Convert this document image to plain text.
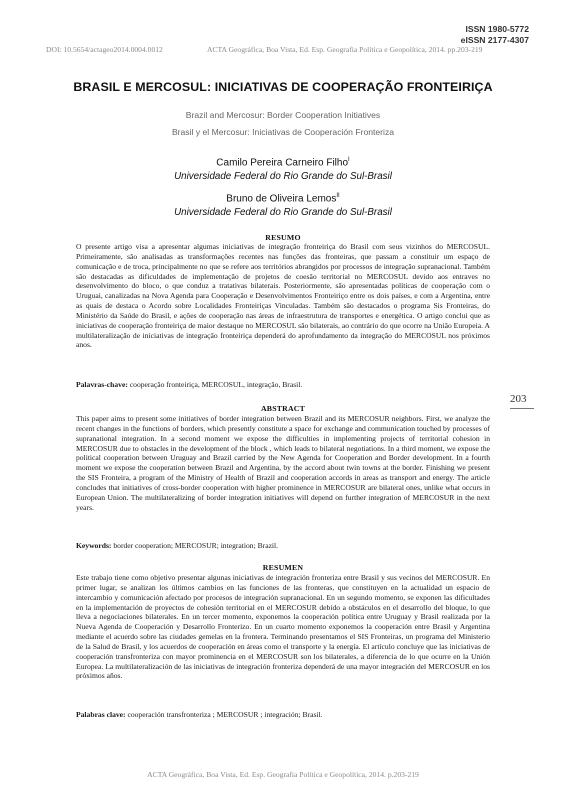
ISSN 1980-5772
eISSN 2177-4307
DOI: 10.5654/actageo2014.0004.0012	ACTA Geográfica, Boa Vista, Ed. Esp. Geografia Política e Geopolítica, 2014. pp.203-219
BRASIL E MERCOSUL: INICIATIVAS DE COOPERAÇÃO FRONTEIRIÇA
Brazil and Mercosur: Border Cooperation Initiatives
Brasil y el Mercosur: Iniciativas de Cooperación Fronteriza
Camilo Pereira Carneiro Filho$^I$
Universidade Federal do Rio Grande do Sul-Brasil
Bruno de Oliveira Lemos$^{II}$
Universidade Federal do Rio Grande do Sul-Brasil
RESUMO
O presente artigo visa a apresentar algumas iniciativas de integração fronteiriça do Brasil com seus vizinhos do MERCOSUL. Primeiramente, são analisadas as transformações recentes nas funções das fronteiras, que passam a constituir um espaço de comunicação e de troca, principalmente no que se refere aos territórios abrangidos por processos de integração supranacional. Também são destacadas as dificuldades de implementação de projetos de coesão territorial no MERCOSUL devido aos entraves no desenvolvimento do bloco, o que conduz a tratativas bilaterais. Posteriormente, são apresentadas políticas de cooperação com o Uruguai, canalizadas na Nova Agenda para Cooperação e Desenvolvimentos Fronteiriço entre os dois países, e com a Argentina, entre as quais de destaca o Acordo sobre Localidades Fronteiriças Vinculadas. Também são destacados o programa Sis Fronteiras, do Ministério da Saúde do Brasil, e ações de cooperação nas áreas de infraestrutura de transportes e energética. O artigo conclui que as iniciativas de cooperação fronteiriça de maior destaque no MERCOSUL são bilaterais, ao contrário do que ocorre na União Europeia. A multilateralização de iniciativas de integração fronteiriça dependerá do aprofundamento da integração do MERCOSUL nos próximos anos.
Palavras-chave: cooperação fronteiriça, MERCOSUL, integração, Brasil.
203
ABSTRACT
This paper aims to present some initiatives of border integration between Brazil and its MERCOSUR neighbors. First, we analyze the recent changes in the functions of borders, which presently constitute a space for exchange and communication touched by processes of supranational integration. In a second moment we expose the difficulties in implementing projects of territorial cohesion in MERCOSUR due to obstacles in the development of the block , which leads to bilateral negotiations. In a third moment, we expose the political cooperation between Uruguay and Brazil carried by the New Agenda for Cooperation and Border development. In a fourth moment we expose the cooperation between Brazil and Argentina, by the accord about twin towns at the border. Finishing we present the SIS Fronteira, a program of the Ministry of Health of Brazil and cooperation accords in areas as transport and energy. The article concludes that initiatives of cross-border cooperation with higher prominence in MERCOSUR are bilateral ones, unlike what occurs in European Union. The multilateralizing of border integration initiatives will depend on further integration of MERCOSUR in the next years.
Keywords: border cooperation; MERCOSUR; integration; Brazil.
RESUMEN
Este trabajo tiene como objetivo presentar algunas iniciativas de integración fronteriza entre Brasil y sus vecinos del MERCOSUR. En primer lugar, se analizan los últimos cambios en las funciones de las fronteras, que constituyen en la actualidad un espacio de intercambio y comunicación afectado por procesos de integración supranacional. En un segundo momento, se exponen las dificultades en la implementación de proyectos de cohesión territorial en el MERCOSUR debido a obstáculos en el desarrollo del bloque, lo que lleva a negociaciones bilaterales. En un tercer momento, exponemos la cooperación política entre Uruguay y Brasil realizada por la Nueva Agenda de Cooperación y Desarrollo Fronterizo. En un cuarto momento exponemos la cooperación entre Brasil y Argentina mediante el acuerdo sobre las ciudades gemelas en la frontera. Terminando presentamos el SIS Fronteiras, un programa del Ministerio de la Salud de Brasil, y los acuerdos de cooperación en áreas como el transporte y la energía. El artículo concluye que las iniciativas de cooperación transfronteriza con mayor prominencia en el MERCOSUR son los bilaterales, a diferencia de lo que ocurre en la Unión Europea. La multilateralización de las iniciativas de integración fronteriza dependerá de una mayor integración del MERCOSUR en los próximos años.
Palabras clave: cooperación transfronteriza ; MERCOSUR ; integración; Brasil.
ACTA Geográfica, Boa Vista, Ed. Esp. Geografia Política e Geopolítica, 2014. p.203-219
